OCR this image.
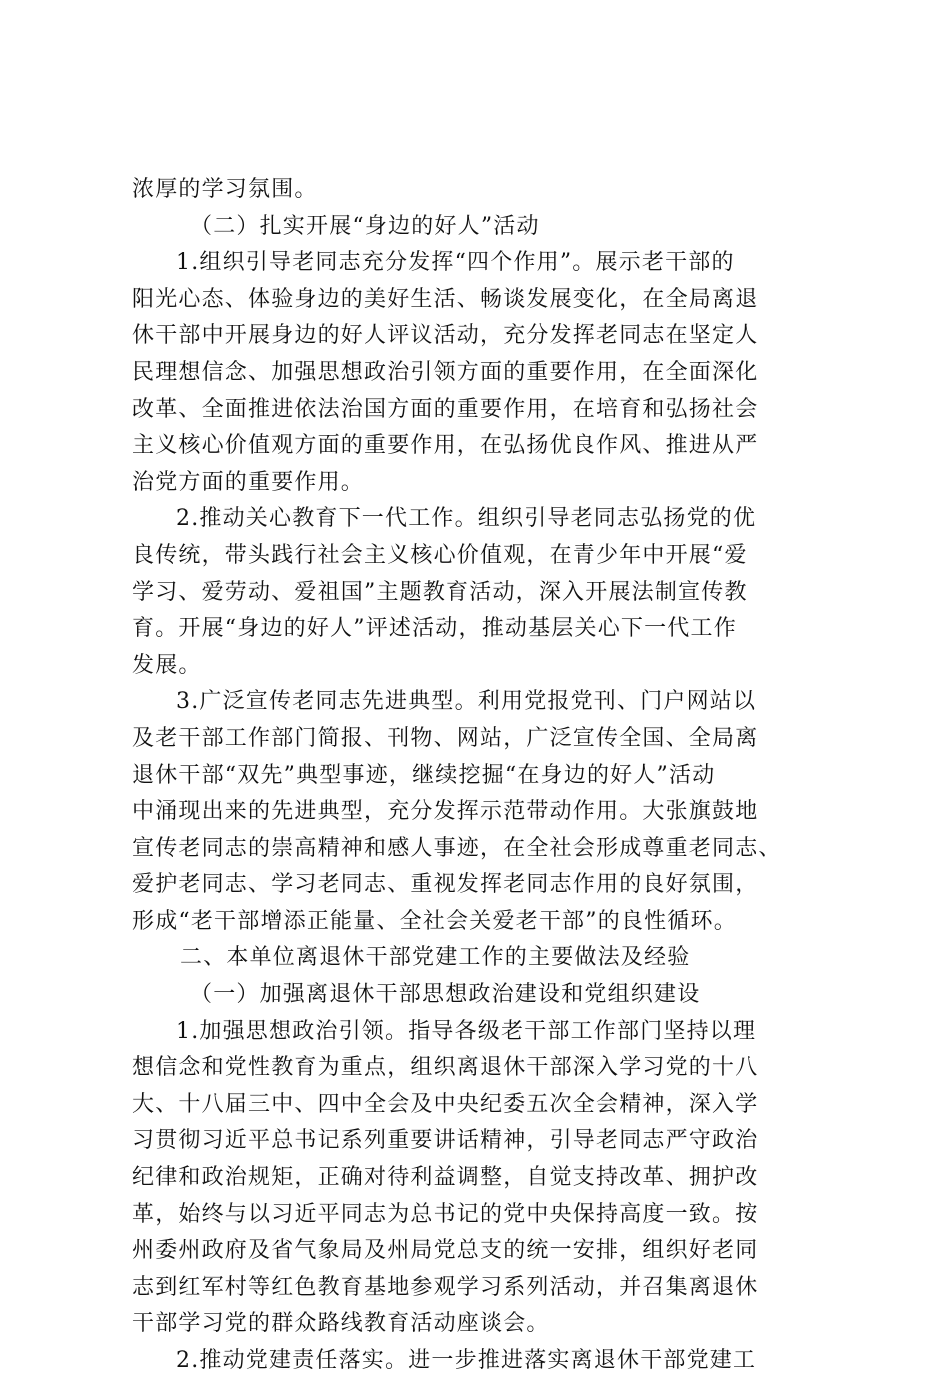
浓厚的学习氛围。
（二）扎实开展“身边的好人”活动
1.组织引导老同志充分发挥“四个作用”。展示老干部的
阳光心态、体验身边的美好生活、畅谈发展变化，在全局离退
休干部中开展身边的好人评议活动，充分发挥老同志在坚定人
民理想信念、加强思想政治引领方面的重要作用，在全面深化
改革、全面推进依法治国方面的重要作用，在培育和弘扬社会
主义核心价值观方面的重要作用，在弘扬优良作风、推进从严
治党方面的重要作用。
2.推动关心教育下一代工作。组织引导老同志弘扬党的优
良传统，带头践行社会主义核心价值观，在青少年中开展“爱
学习、爱劳动、爱祖国”主题教育活动，深入开展法制宣传教
育。开展“身边的好人”评述活动，推动基层关心下一代工作
发展。
3.广泛宣传老同志先进典型。利用党报党刊、门户网站以
及老干部工作部门简报、刊物、网站，广泛宣传全国、全局离
退休干部“双先”典型事迹，继续挖掘“在身边的好人”活动
中涌现出来的先进典型，充分发挥示范带动作用。大张旗鼓地
宣传老同志的崇高精神和感人事迹，在全社会形成尊重老同志、
爱护老同志、学习老同志、重视发挥老同志作用的良好氛围，
形成“老干部增添正能量、全社会关爱老干部”的良性循环。
二、本单位离退休干部党建工作的主要做法及经验
（一）加强离退休干部思想政治建设和党组织建设
1.加强思想政治引领。指导各级老干部工作部门坚持以理
想信念和党性教育为重点，组织离退休干部深入学习党的十八
大、十八届三中、四中全会及中央纪委五次全会精神，深入学
习贯彻习近平总书记系列重要讲话精神，引导老同志严守政治
纪律和政治规矩，正确对待利益调整，自觉支持改革、拥护改
革，始终与以习近平同志为总书记的党中央保持高度一致。按
州委州政府及省气象局及州局党总支的统一安排，组织好老同
志到红军村等红色教育基地参观学习系列活动，并召集离退休
干部学习党的群众路线教育活动座谈会。
2.推动党建责任落实。进一步推进落实离退休干部党建工
